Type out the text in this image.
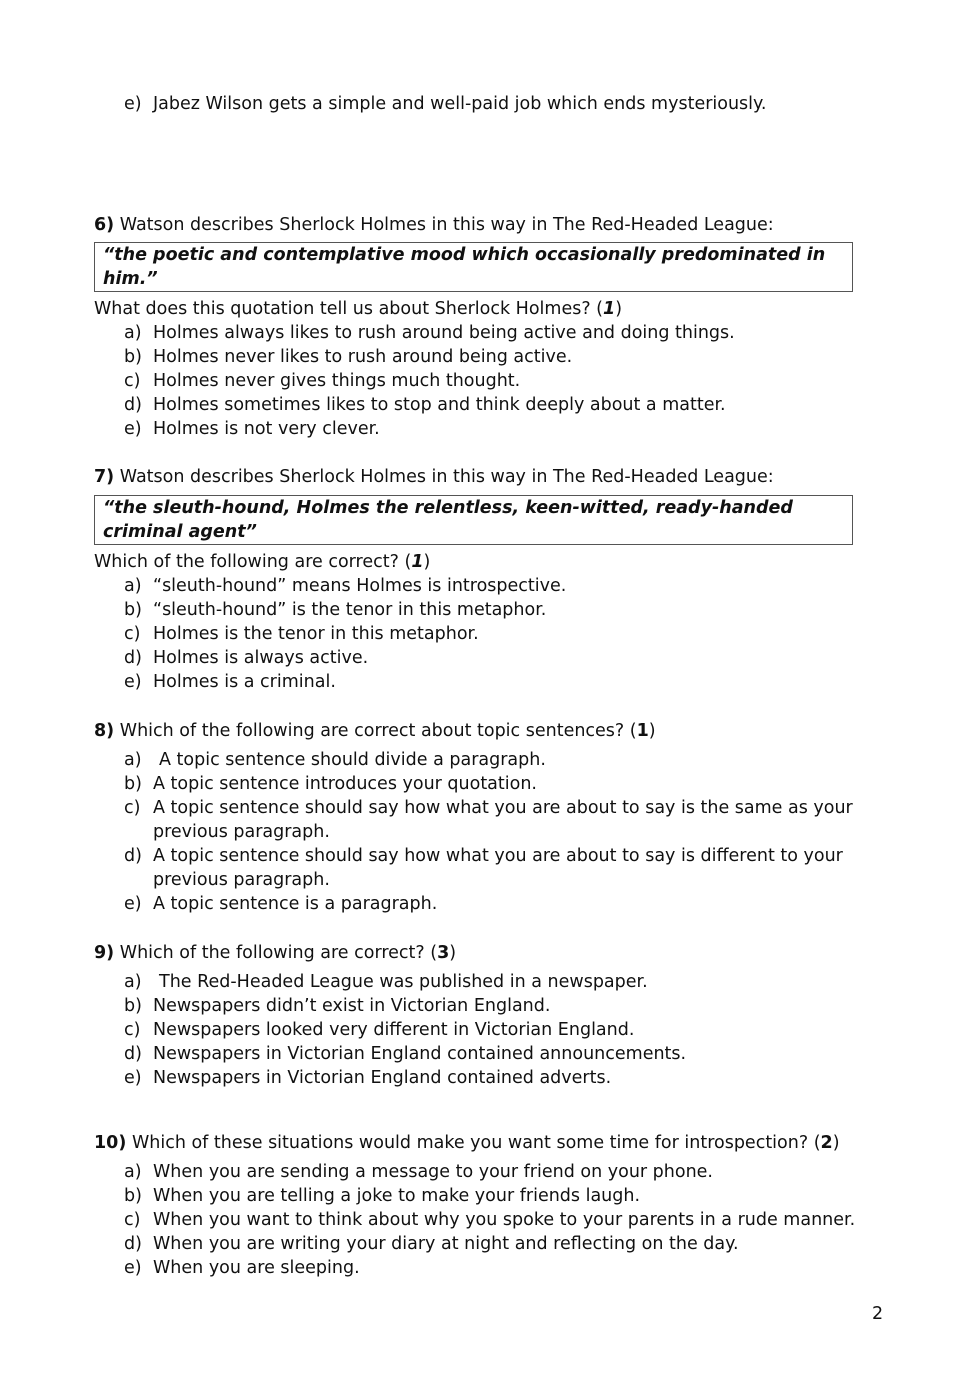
e) Jabez Wilson gets a simple and well-paid job which ends mysteriously.
6) Watson describes Sherlock Holmes in this way in The Red-Headed League:
“the poetic and contemplative mood which occasionally predominated in him.”
What does this quotation tell us about Sherlock Holmes? (1)
a) Holmes always likes to rush around being active and doing things.
b) Holmes never likes to rush around being active.
c) Holmes never gives things much thought.
d) Holmes sometimes likes to stop and think deeply about a matter.
e) Holmes is not very clever.
7) Watson describes Sherlock Holmes in this way in The Red-Headed League:
“the sleuth-hound, Holmes the relentless, keen-witted, ready-handed criminal agent”
Which of the following are correct? (1)
a) “sleuth-hound” means Holmes is introspective.
b) “sleuth-hound” is the tenor in this metaphor.
c) Holmes is the tenor in this metaphor.
d) Holmes is always active.
e) Holmes is a criminal.
8) Which of the following are correct about topic sentences? (1)
a) A topic sentence should divide a paragraph.
b) A topic sentence introduces your quotation.
c) A topic sentence should say how what you are about to say is the same as your previous paragraph.
d) A topic sentence should say how what you are about to say is different to your previous paragraph.
e) A topic sentence is a paragraph.
9) Which of the following are correct? (3)
a) The Red-Headed League was published in a newspaper.
b) Newspapers didn’t exist in Victorian England.
c) Newspapers looked very different in Victorian England.
d) Newspapers in Victorian England contained announcements.
e) Newspapers in Victorian England contained adverts.
10) Which of these situations would make you want some time for introspection? (2)
a) When you are sending a message to your friend on your phone.
b) When you are telling a joke to make your friends laugh.
c) When you want to think about why you spoke to your parents in a rude manner.
d) When you are writing your diary at night and reflecting on the day.
e) When you are sleeping.
2
